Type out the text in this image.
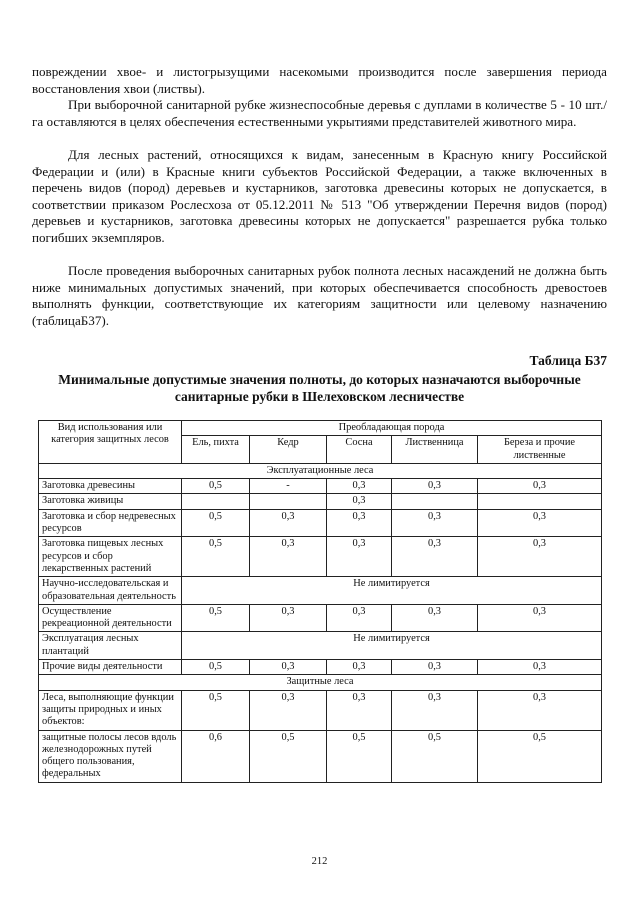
повреждении хвое- и листогрызущими насекомыми производится после завершения периода восстановления хвои (листвы).

При выборочной санитарной рубке жизнеспособные деревья с дуплами в количестве 5 - 10 шт./га оставляются в целях обеспечения естественными укрытиями представителей животного мира.

Для лесных растений, относящихся к видам, занесенным в Красную книгу Российской Федерации и (или) в Красные книги субъектов Российской Федерации, а также включенных в перечень видов (пород) деревьев и кустарников, заготовка древесины которых не допускается, в соответствии приказом Рослесхоза от 05.12.2011 № 513 "Об утверждении Перечня видов (пород) деревьев и кустарников, заготовка древесины которых не допускается" разрешается рубка только погибших экземпляров.

После проведения выборочных санитарных рубок полнота лесных насаждений не должна быть ниже минимальных допустимых значений, при которых обеспечивается способность древостоев выполнять функции, соответствующие их категориям защитности или целевому назначению (таблицаБ37).

Таблица Б37
Минимальные допустимые значения полноты, до которых назначаются выборочные санитарные рубки в Шелеховском лесничестве
Вид использования или категория защитных лесов	Преобладающая порода				
	Ель, пихта	Кедр	Сосна	Лиственница	Береза и прочие лиственные
Эксплуатационные леса					
Заготовка древесины	0,5	-	0,3	0,3	0,3
Заготовка живицы			0,3		
Заготовка и сбор недревесных ресурсов	0,5	0,3	0,3	0,3	0,3
Заготовка пищевых лесных ресурсов и сбор лекарственных растений	0,5	0,3	0,3	0,3	0,3
Научно-исследовательская и образовательная деятельность	Не лимитируется				
Осуществление рекреационной деятельности	0,5	0,3	0,3	0,3	0,3
Эксплуатация лесных плантаций	Не лимитируется				
Прочие виды деятельности	0,5	0,3	0,3	0,3	0,3
Защитные леса					
Леса, выполняющие функции защиты природных и иных объектов:	0,5	0,3	0,3	0,3	0,3
защитные полосы лесов вдоль железнодорожных путей общего пользования, федеральных	0,6	0,5	0,5	0,5	0,5
212
